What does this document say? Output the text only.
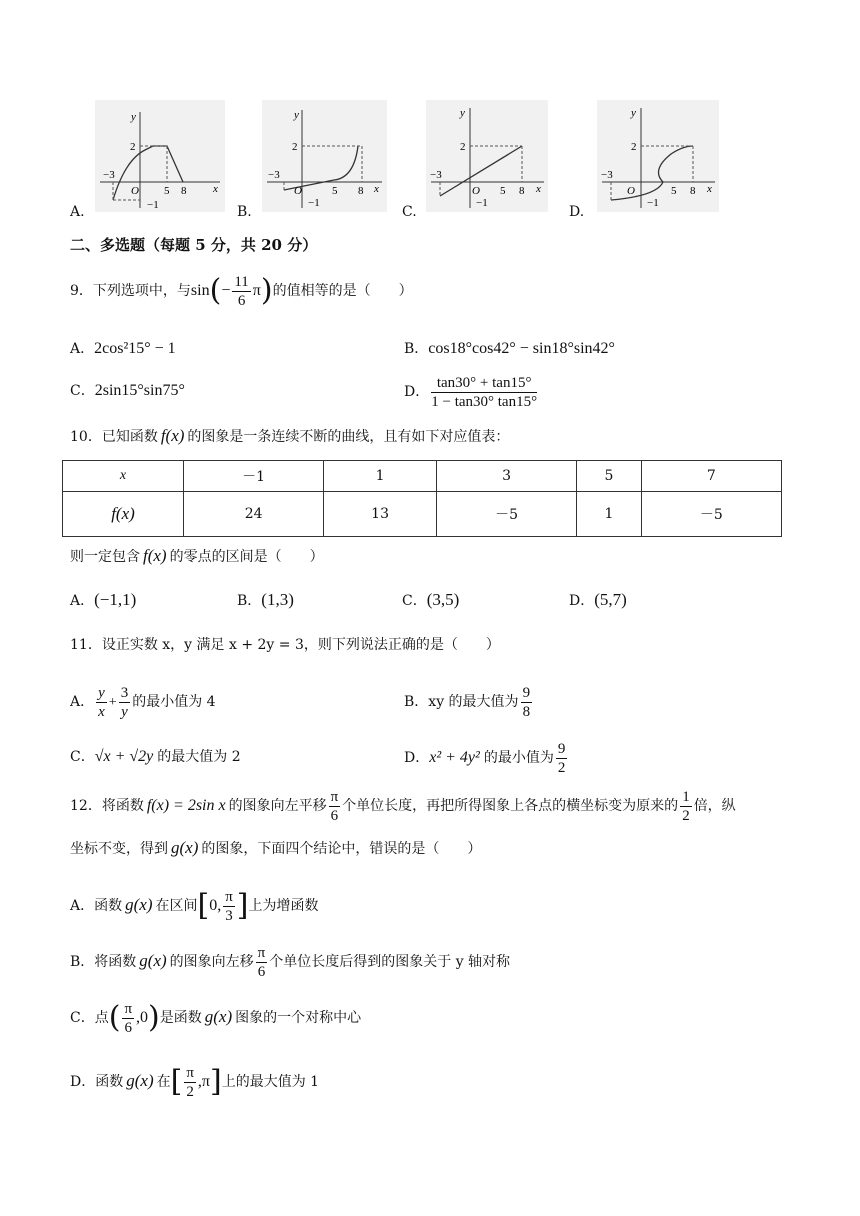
y
x
−3
O 5 8
2
−1
A.
y
x
−3
O	5 8
2
−1
B.
y
x
−3
O 5 8
2
−1
C.
y
x
−3
O	5 8
2
−1
D.
二、多选题（每题 5 分，共 20 分）
9．下列选项中，与$\sin(- \frac{11}{6} \pi)$的值相等的是（　　）
A．2cos²15° − 1	B．cos18°cos42° − sin18°sin42°
C．2sin15°sin75°	D． $\frac{\tan 30^\circ + \tan 15^\circ}{1 - \tan 30^\circ \tan 15^\circ}$
10．已知函数 f(x) 的图象是一条连续不断的曲线，且有如下对应值表：
x	－1	1	3	5	7
f(x)	24	13	－5	1	－5
则一定包含 f(x) 的零点的区间是（　　）
A．(−1,1)	B．(1,3)	C．(3,5)	D．(5,7)
11．设正实数 x，y 满足 x + 2y = 3，则下列说法正确的是（　　）
A． $\frac{y}{x} + \frac{3}{y}$ 的最小值为 4	B．xy 的最大值为 $\frac{9}{8}$
C．√x + √2y 的最大值为 2	D．x² + 4y² 的最小值为 $\frac{9}{2}$
12．将函数 f(x) = 2sin x 的图象向左平移 $\frac{\pi}{6}$ 个单位长度，再把所得图象上各点的横坐标变为原来的 $\frac{1}{2}$ 倍，纵
坐标不变，得到 g(x) 的图象，下面四个结论中，错误的是（　　）
A．函数 g(x) 在区间[0, $\frac{\pi}{3}$ ]上为增函数
B．将函数 g(x) 的图象向左移 $\frac{\pi}{6}$ 个单位长度后得到的图象关于 y 轴对称
C．点( $\frac{\pi}{6} ,0$)是函数 g(x) 图象的一个对称中心
D．函数 g(x) 在[ $\frac{\pi}{2} ,\pi$]上的最大值为 1
